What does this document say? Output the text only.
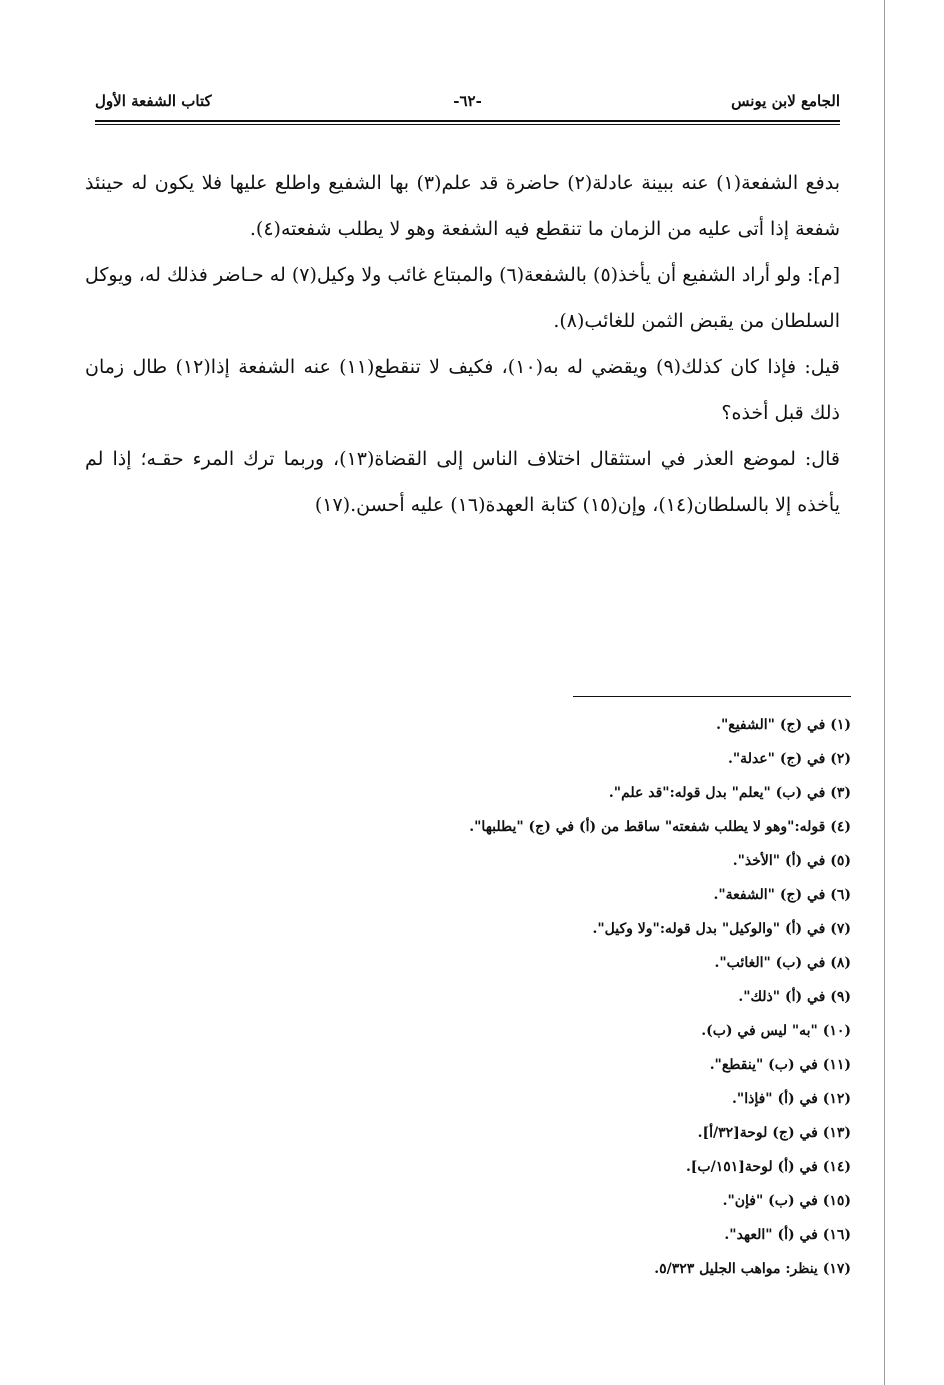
الجامع لابن يونس
-٦٢-
كتاب الشفعة الأول

بدفع الشفعة(١) عنه ببينة عادلة(٢) حاضرة قد علم(٣) بها الشفيع واطلع عليها فلا يكون له حينئذ شفعة إذا أتى عليه من الزمان ما تنقطع فيه الشفعة وهو لا يطلب شفعته(٤).

[م]: ولو أراد الشفيع أن يأخذ(٥) بالشفعة(٦) والمبتاع غائب ولا وكيل(٧) له حـاضر فذلك له، ويوكل السلطان من يقبض الثمن للغائب(٨).

قيل: فإذا كان كذلك(٩) ويقضي له به(١٠)، فكيف لا تنقطع(١١) عنه الشفعة إذا(١٢) طال زمان ذلك قبل أخذه؟

قال: لموضع العذر في استثقال اختلاف الناس إلى القضاة(١٣)، وربما ترك المرء حقـه؛ إذا لم يأخذه إلا بالسلطان(١٤)، وإن(١٥) كتابة العهدة(١٦) عليه أحسن.(١٧)

(١) في (ج) "الشفيع".
(٢) في (ج) "عدلة".
(٣) في (ب) "يعلم" بدل قوله:"قد علم".
(٤) قوله:"وهو لا يطلب شفعته" ساقط من (أ) في (ج) "يطلبها".
(٥) في (أ) "الأخذ".
(٦) في (ج) "الشفعة".
(٧) في (أ) "والوكيل" بدل قوله:"ولا وكيل".
(٨) في (ب) "الغائب".
(٩) في (أ) "ذلك".
(١٠) "به" ليس في (ب).
(١١) في (ب) "ينقطع".
(١٢) في (أ) "فإذا".
(١٣) في (ج) لوحة[٣٢/أ].
(١٤) في (أ) لوحة[١٥١/ب].
(١٥) في (ب) "فإن".
(١٦) في (أ) "العهد".
(١٧) ينظر: مواهب الجليل ٥/٣٢٣.
